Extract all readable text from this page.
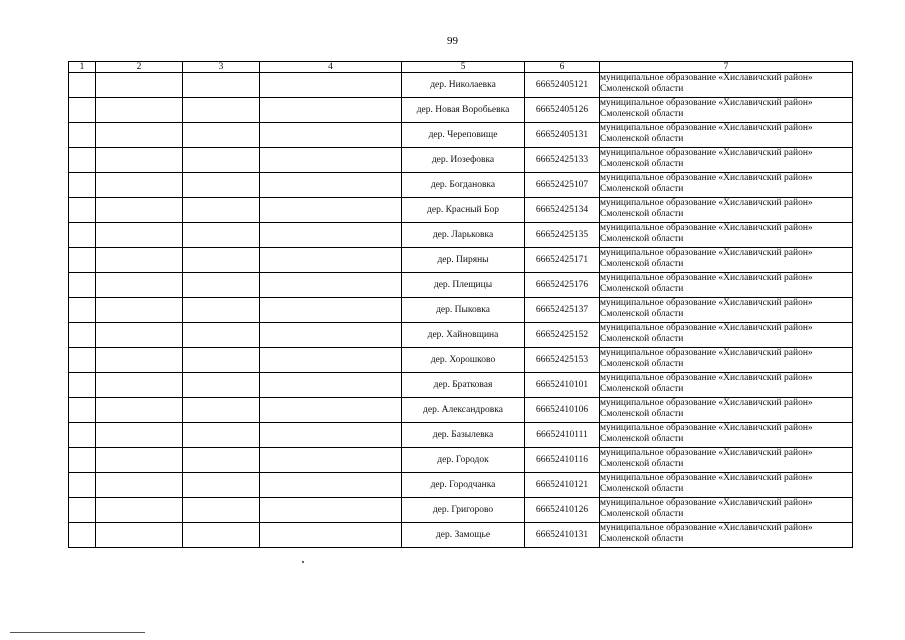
99
1	2	3	4	5	6	7
				дер. Николаевка	66652405121	муниципальное образование «Хиславичский район»
Смоленской области

				дер. Новая Воробьевка	66652405126	муниципальное образование «Хиславичский район»
Смоленской области

				дер. Череповище	66652405131	муниципальное образование «Хиславичский район»
Смоленской области

				дер. Иозефовка	66652425133	муниципальное образование «Хиславичский район»
Смоленской области

				дер. Богдановка	66652425107	муниципальное образование «Хиславичский район»
Смоленской области

				дер. Красный Бор	66652425134	муниципальное образование «Хиславичский район»
Смоленской области

				дер. Ларьковка	66652425135	муниципальное образование «Хиславичский район»
Смоленской области

				дер. Пиряны	66652425171	муниципальное образование «Хиславичский район»
Смоленской области

				дер. Плещицы	66652425176	муниципальное образование «Хиславичский район»
Смоленской области

				дер. Пыковка	66652425137	муниципальное образование «Хиславичский район»
Смоленской области

				дер. Хайновщина	66652425152	муниципальное образование «Хиславичский район»
Смоленской области

				дер. Хорошково	66652425153	муниципальное образование «Хиславичский район»
Смоленской области

				дер. Братковая	66652410101	муниципальное образование «Хиславичский район»
Смоленской области

				дер. Александровка	66652410106	муниципальное образование «Хиславичский район»
Смоленской области

				дер. Базылевка	66652410111	муниципальное образование «Хиславичский район»
Смоленской области

				дер. Городок	66652410116	муниципальное образование «Хиславичский район»
Смоленской области

				дер. Городчанка	66652410121	муниципальное образование «Хиславичский район»
Смоленской области

				дер. Григорово	66652410126	муниципальное образование «Хиславичский район»
Смоленской области

				дер. Замощье	66652410131	муниципальное образование «Хиславичский район»
Смоленской области
